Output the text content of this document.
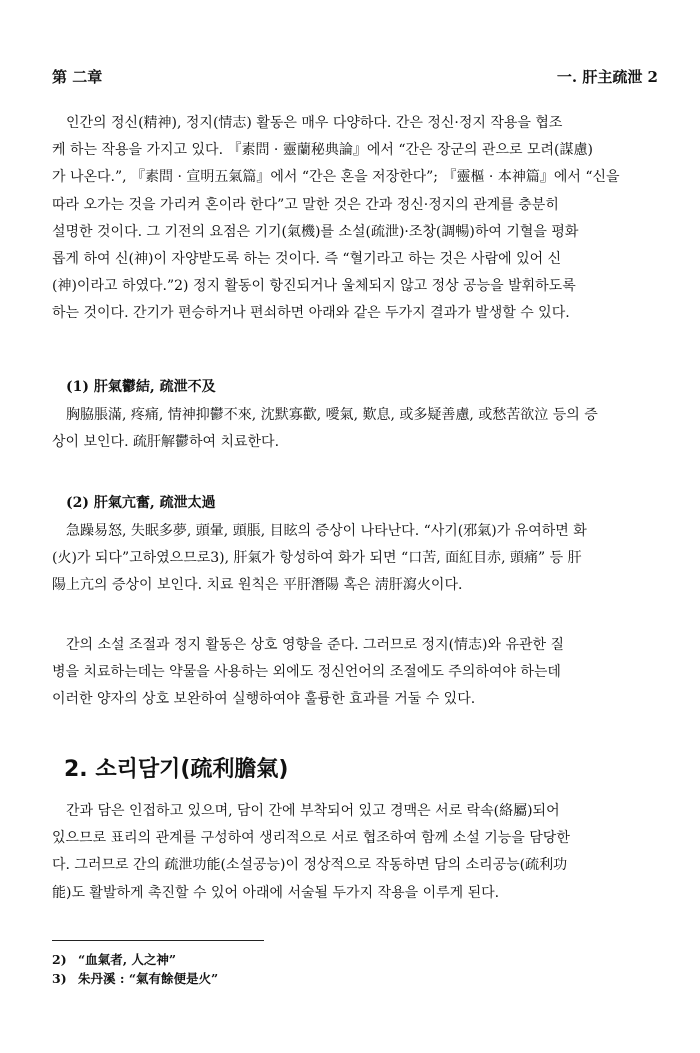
第 二章	一. 肝主疏泄 2
인간의 정신(精神), 정지(情志) 활동은 매우 다양하다. 간은 정신·정지 작용을 협조
케 하는 작용을 가지고 있다. 『素問 · 靈蘭秘典論』에서 “간은 장군의 관으로 모려(謀慮)
가 나온다.”, 『素問 · 宣明五氣篇』에서 “간은 혼을 저장한다”; 『靈樞 · 本神篇』에서 “신을
따라 오가는 것을 가리켜 혼이라 한다”고 말한 것은 간과 정신·정지의 관계를 충분히
설명한 것이다. 그 기전의 요점은 기기(氣機)를 소설(疏泄)·조창(調暢)하여 기혈을 평화
롭게 하여 신(神)이 자양받도록 하는 것이다. 즉 “혈기라고 하는 것은 사람에 있어 신
(神)이라고 하였다.”2) 정지 활동이 항진되거나 울체되지 않고 정상 공능을 발휘하도록
하는 것이다. 간기가 편승하거나 편쇠하면 아래와 같은 두가지 결과가 발생할 수 있다.

(1) 肝氣鬱結, 疏泄不及

胸脇脹滿, 疼痛, 情神抑鬱不來, 沈默寡歡, 噯氣, 歎息, 或多疑善慮, 或愁苦欲泣 등의 증
상이 보인다. 疏肝解鬱하여 치료한다.

(2) 肝氣亢奮, 疏泄太過

急躁易怒, 失眠多夢, 頭暈, 頭脹, 目眩의 증상이 나타난다. “사기(邪氣)가 유여하면 화
(火)가 되다”고하였으므로3), 肝氣가 항성하여 화가 되면 “口苦, 面紅目赤, 頭痛” 등 肝
陽上亢의 증상이 보인다. 치료 원칙은 平肝潛陽 혹은 淸肝瀉火이다.
간의 소설 조절과 정지 활동은 상호 영향을 준다. 그러므로 정지(情志)와 유관한 질
병을 치료하는데는 약물을 사용하는 외에도 정신언어의 조절에도 주의하여야 하는데
이러한 양자의 상호 보완하여 실행하여야 훌륭한 효과를 거둘 수 있다.
2. 소리담기(疏利膽氣)
간과 담은 인접하고 있으며, 담이 간에 부착되어 있고 경맥은 서로 락속(絡屬)되어
있으므로 표리의 관계를 구성하여 생리적으로 서로 협조하여 함께 소설 기능을 담당한
다. 그러므로 간의 疏泄功能(소설공능)이 정상적으로 작동하면 담의 소리공능(疏利功
能)도 활발하게 촉진할 수 있어 아래에 서술될 두가지 작용을 이루게 된다.
2) “血氣者, 人之神”
3) 朱丹溪 : “氣有餘便是火”
